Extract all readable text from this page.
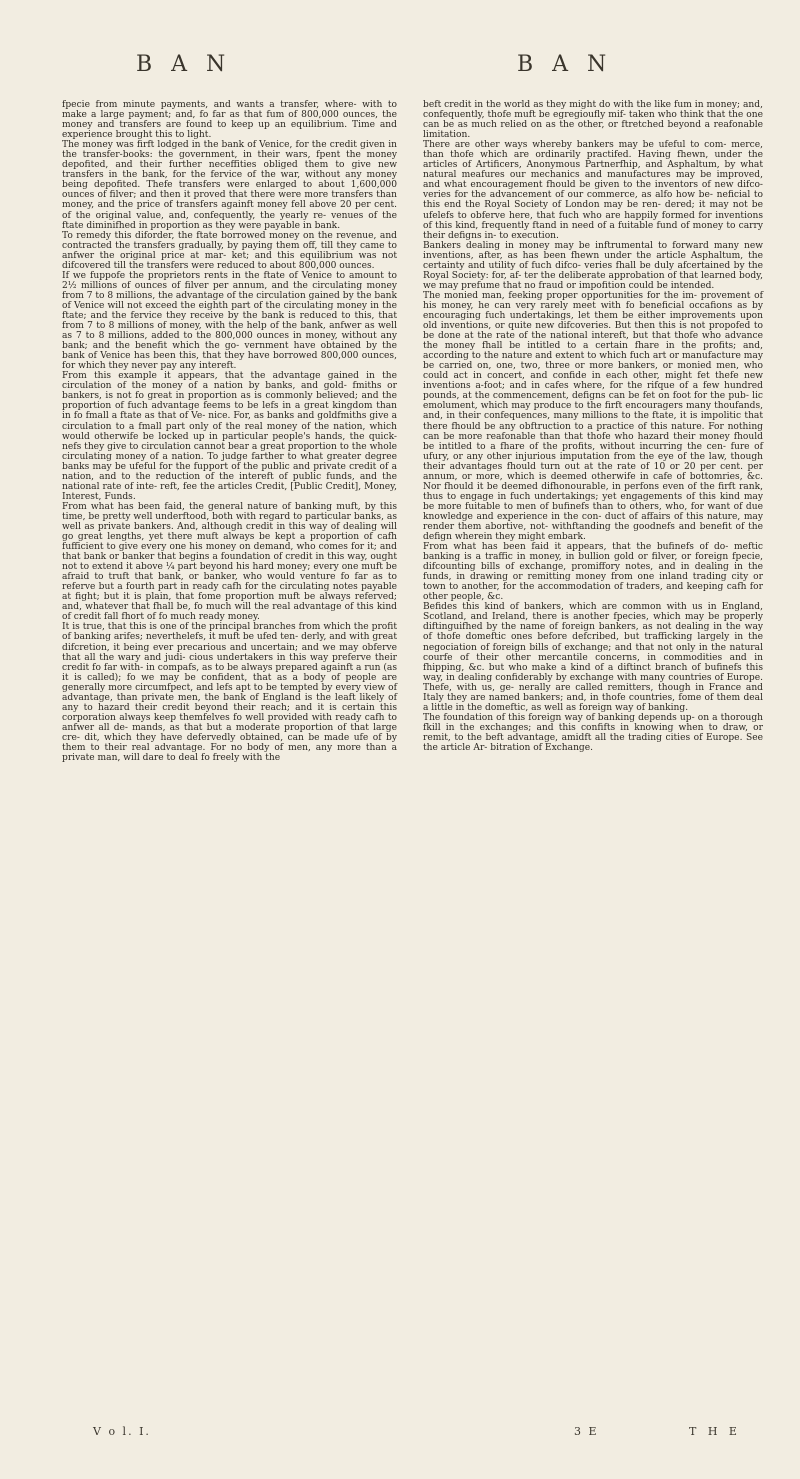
B A N	B A N

fpecie from minute payments, and wants a transfer, where- with to make a large payment; and, fo far as that fum of 800,000 ounces, the money and transfers are found to keep up an equilibrium. Time and experience brought this to light.

The money was firft lodged in the bank of Venice, for the credit given in the transfer-books: the government, in their wars, fpent the money depofited, and their further neceffities obliged them to give new transfers in the bank, for the fervice of the war, without any money being depofited. Thefe transfers were enlarged to about 1,600,000 ounces of filver; and then it proved that there were more transfers than money, and the price of transfers againft money fell above 20 per cent. of the original value, and, confequently, the yearly re- venues of the ftate diminifhed in proportion as they were payable in bank.

To remedy this diforder, the ftate borrowed money on the revenue, and contracted the transfers gradually, by paying them off, till they came to anfwer the original price at mar- ket; and this equilibrium was not difcovered till the transfers were reduced to about 800,000 ounces.

If we fuppofe the proprietors rents in the ftate of Venice to amount to 2½ millions of ounces of filver per annum, and the circulating money from 7 to 8 millions, the advantage of the circulation gained by the bank of Venice will not exceed the eighth part of the circulating money in the ftate; and the fervice they receive by the bank is reduced to this, that from 7 to 8 millions of money, with the help of the bank, anfwer as well as 7 to 8 millions, added to the 800,000 ounces in money, without any bank; and the benefit which the go- vernment have obtained by the bank of Venice has been this, that they have borrowed 800,000 ounces, for which they never pay any intereft.

From this example it appears, that the advantage gained in the circulation of the money of a nation by banks, and gold- fmiths or bankers, is not fo great in proportion as is commonly believed; and the proportion of fuch advantage feems to be lefs in a great kingdom than in fo fmall a ftate as that of Ve- nice. For, as banks and goldfmiths give a circulation to a fmall part only of the real money of the nation, which would otherwife be locked up in particular people's hands, the quick- nefs they give to circulation cannot bear a great proportion to the whole circulating money of a nation. To judge farther to what greater degree banks may be ufeful for the fupport of the public and private credit of a nation, and to the reduction of the intereft of public funds, and the national rate of inte- reft, fee the articles Credit, [Public Credit], Money, Interest, Funds.

From what has been faid, the general nature of banking muft, by this time, be pretty well underftood, both with regard to particular banks, as well as private bankers. And, although credit in this way of dealing will go great lengths, yet there muft always be kept a proportion of cafh fufficient to give every one his money on demand, who comes for it; and that bank or banker that begins a foundation of credit in this way, ought not to extend it above ¼ part beyond his hard money; every one muft be afraid to truft that bank, or banker, who would venture fo far as to referve but a fourth part in ready cafh for the circulating notes payable at fight; but it is plain, that fome proportion muft be always referved; and, whatever that fhall be, fo much will the real advantage of this kind of credit fall fhort of fo much ready money.

It is true, that this is one of the principal branches from which the profit of banking arifes; neverthelefs, it muft be ufed ten- derly, and with great difcretion, it being ever precarious and uncertain; and we may obferve that all the wary and judi- cious undertakers in this way preferve their credit fo far with- in compafs, as to be always prepared againft a run (as it is called); fo we may be confident, that as a body of people are generally more circumfpect, and lefs apt to be tempted by every view of advantage, than private men, the bank of England is the leaft likely of any to hazard their credit beyond their reach; and it is certain this corporation always keep themfelves fo well provided with ready cafh to anfwer all de- mands, as that but a moderate proportion of that large cre- dit, which they have defervedly obtained, can be made ufe of by them to their real advantage. For no body of men, any more than a private man, will dare to deal fo freely with the

beft credit in the world as they might do with the like fum in money; and, confequently, thofe muft be egregioufly mif- taken who think that the one can be as much relied on as the other, or ftretched beyond a reafonable limitation.

There are other ways whereby bankers may be ufeful to com- merce, than thofe which are ordinarily practifed. Having fhewn, under the articles of Artificers, Anonymous Partnerfhip, and Asphaltum, by what natural meafures our mechanics and manufactures may be improved, and what encouragement fhould be given to the inventors of new difco- veries for the advancement of our commerce, as alfo how be- neficial to this end the Royal Society of London may be ren- dered; it may not be ufelefs to obferve here, that fuch who are happily formed for inventions of this kind, frequently ftand in need of a fuitable fund of money to carry their defigns in- to execution.

Bankers dealing in money may be inftrumental to forward many new inventions, after, as has been fhewn under the article Asphaltum, the certainty and utility of fuch difco- veries fhall be duly afcertained by the Royal Society: for, af- ter the deliberate approbation of that learned body, we may prefume that no fraud or impofition could be intended.

The monied man, feeking proper opportunities for the im- provement of his money, he can very rarely meet with fo beneficial occafions as by encouraging fuch undertakings, let them be either improvements upon old inventions, or quite new difcoveries. But then this is not propofed to be done at the rate of the national intereft, but that thofe who advance the money fhall be intitled to a certain fhare in the profits; and, according to the nature and extent to which fuch art or manufacture may be carried on, one, two, three or more bankers, or monied men, who could act in concert, and confide in each other, might fet thefe new inventions a-foot; and in cafes where, for the rifque of a few hundred pounds, at the commencement, defigns can be fet on foot for the pub- lic emolument, which may produce to the firft encouragers many thoufands, and, in their confequences, many millions to the ftate, it is impolitic that there fhould be any obftruction to a practice of this nature. For nothing can be more reafonable than that thofe who hazard their money fhould be intitled to a fhare of the profits, without incurring the cen- fure of ufury, or any other injurious imputation from the eye of the law, though their advantages fhould turn out at the rate of 10 or 20 per cent. per annum, or more, which is deemed otherwife in cafe of bottomries, &c. Nor fhould it be deemed difhonourable, in perfons even of the firft rank, thus to engage in fuch undertakings; yet engagements of this kind may be more fuitable to men of bufinefs than to others, who, for want of due knowledge and experience in the con- duct of affairs of this nature, may render them abortive, not- withftanding the goodnefs and benefit of the defign wherein they might embark.

From what has been faid it appears, that the bufinefs of do- meftic banking is a traffic in money, in bullion gold or filver, or foreign fpecie, difcounting bills of exchange, promiffory notes, and in dealing in the funds, in drawing or remitting money from one inland trading city or town to another, for the accommodation of traders, and keeping cafh for other people, &c.

Befides this kind of bankers, which are common with us in England, Scotland, and Ireland, there is another fpecies, which may be properly diftinguifhed by the name of foreign bankers, as not dealing in the way of thofe domeftic ones before defcribed, but trafficking largely in the negociation of foreign bills of exchange; and that not only in the natural courfe of their other mercantile concerns, in commodities and in fhipping, &c. but who make a kind of a diftinct branch of bufinefs this way, in dealing confiderably by exchange with many countries of Europe. Thefe, with us, ge- nerally are called remitters, though in France and Italy they are named bankers; and, in thofe countries, fome of them deal a little in the domeftic, as well as foreign way of banking.

The foundation of this foreign way of banking depends up- on a thorough fkill in the exchanges; and this confifts in knowing when to draw, or remit, to the beft advantage, amidft all the trading cities of Europe. See the article Ar- bitration of Exchange.

V o l. I.	3 E	T H E
